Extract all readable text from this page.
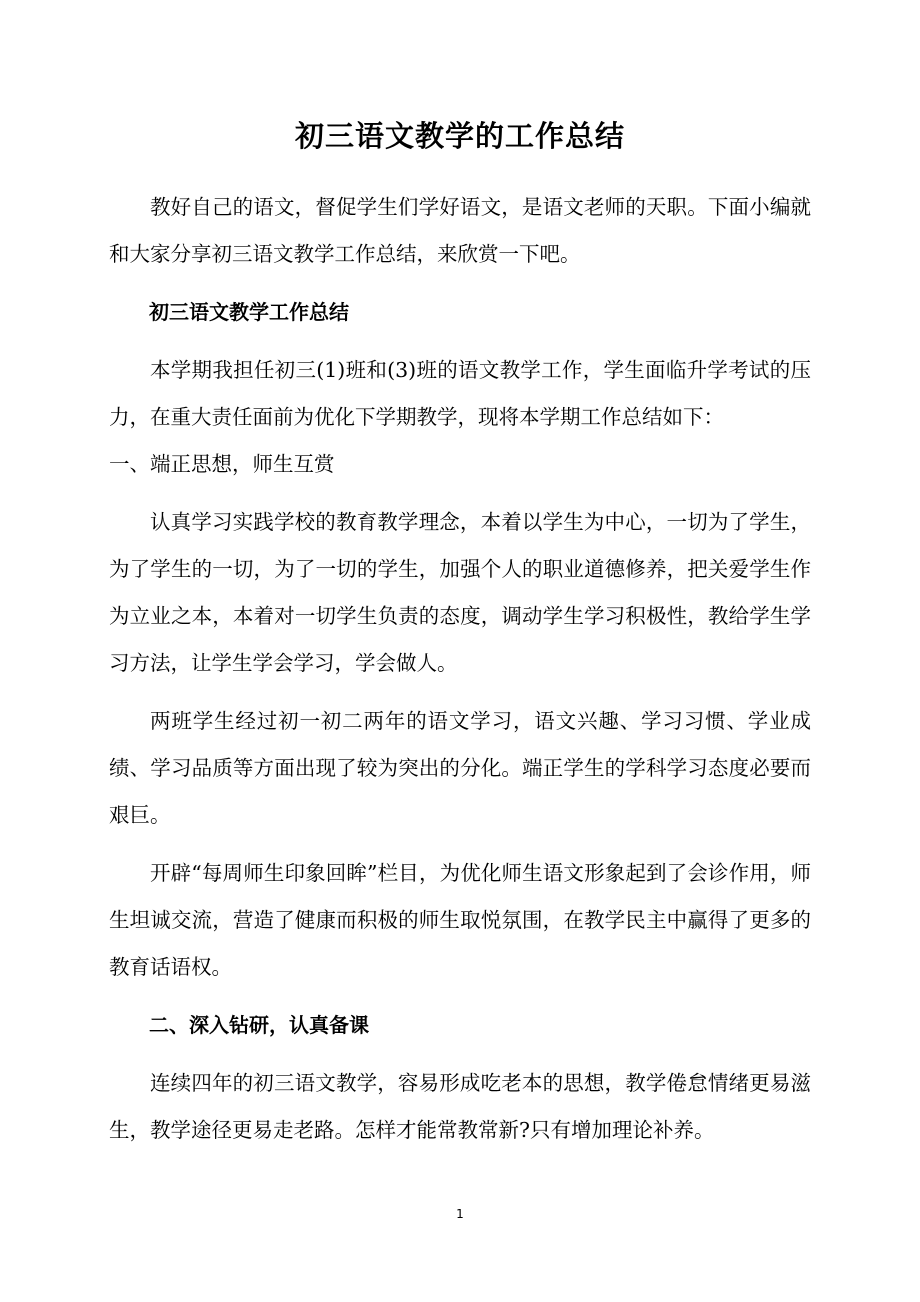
初三语文教学的工作总结

教好自己的语文，督促学生们学好语文，是语文老师的天职。下面小编就和大家分享初三语文教学工作总结，来欣赏一下吧。

初三语文教学工作总结

本学期我担任初三(1)班和(3)班的语文教学工作，学生面临升学考试的压力，在重大责任面前为优化下学期教学，现将本学期工作总结如下：

一、端正思想，师生互赏

认真学习实践学校的教育教学理念，本着以学生为中心，一切为了学生，为了学生的一切，为了一切的学生，加强个人的职业道德修养，把关爱学生作为立业之本，本着对一切学生负责的态度，调动学生学习积极性，教给学生学习方法，让学生学会学习，学会做人。

两班学生经过初一初二两年的语文学习，语文兴趣、学习习惯、学业成绩、学习品质等方面出现了较为突出的分化。端正学生的学科学习态度必要而艰巨。

开辟“每周师生印象回眸”栏目，为优化师生语文形象起到了会诊作用，师生坦诚交流，营造了健康而积极的师生取悦氛围，在教学民主中赢得了更多的教育话语权。

二、深入钻研，认真备课

连续四年的初三语文教学，容易形成吃老本的思想，教学倦怠情绪更易滋生，教学途径更易走老路。怎样才能常教常新?只有增加理论补养。

1
